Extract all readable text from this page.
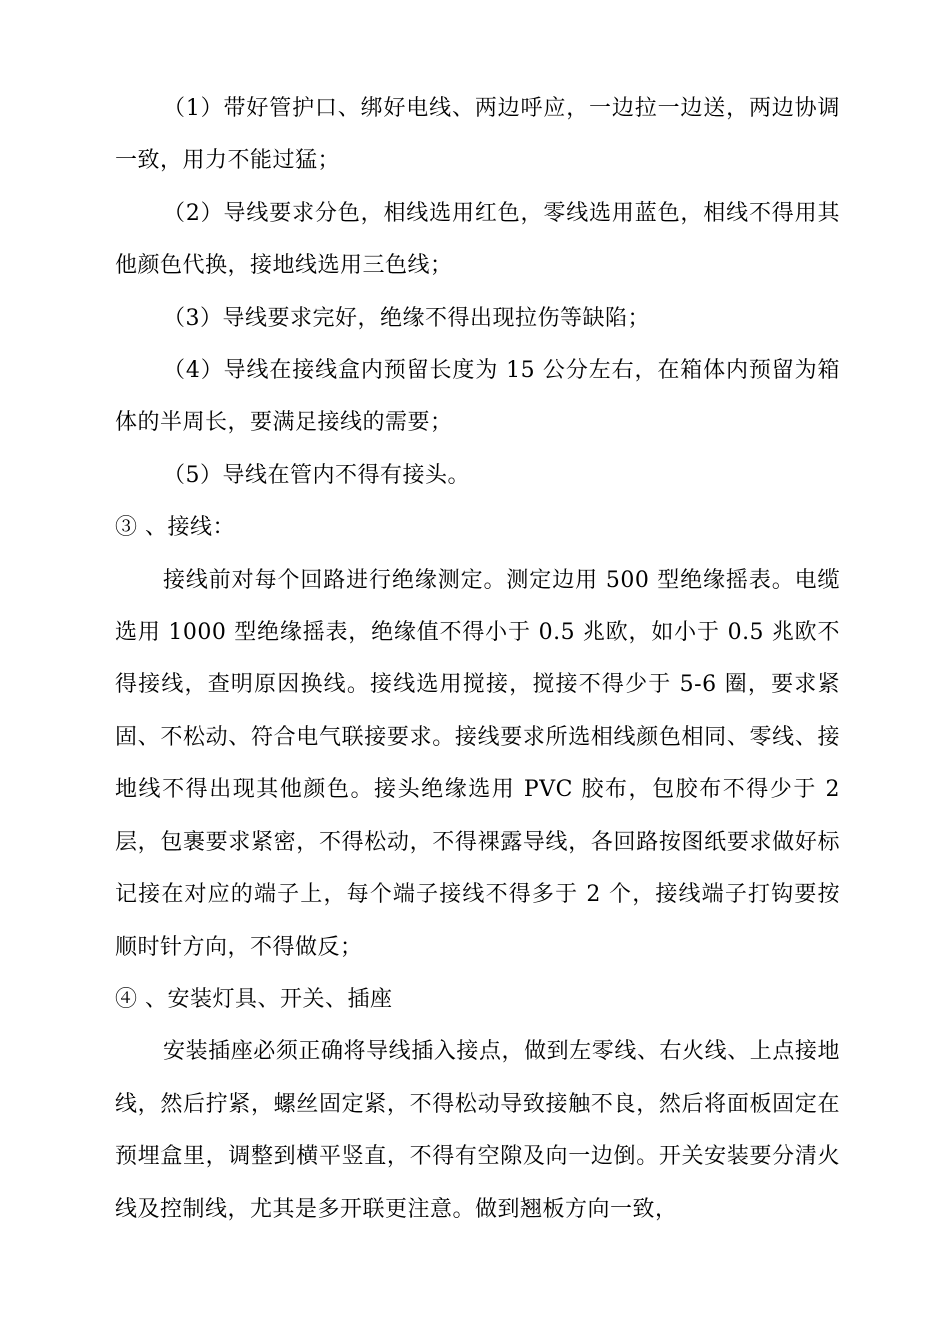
（1）带好管护口、绑好电线、两边呼应，一边拉一边送，两边协调一致，用力不能过猛；

（2）导线要求分色，相线选用红色，零线选用蓝色，相线不得用其他颜色代换，接地线选用三色线；

（3）导线要求完好，绝缘不得出现拉伤等缺陷；

（4）导线在接线盒内预留长度为 15 公分左右，在箱体内预留为箱体的半周长，要满足接线的需要；

（5）导线在管内不得有接头。

③ 、接线：

接线前对每个回路进行绝缘测定。测定边用 500 型绝缘摇表。电缆选用 1000 型绝缘摇表，绝缘值不得小于 0.5 兆欧，如小于 0.5 兆欧不得接线，查明原因换线。接线选用搅接，搅接不得少于 5-6 圈，要求紧固、不松动、符合电气联接要求。接线要求所选相线颜色相同、零线、接地线不得出现其他颜色。接头绝缘选用 PVC 胶布，包胶布不得少于 2 层，包裹要求紧密，不得松动，不得裸露导线，各回路按图纸要求做好标记接在对应的端子上，每个端子接线不得多于 2 个，接线端子打钩要按顺时针方向，不得做反；

④ 、安装灯具、开关、插座

安装插座必须正确将导线插入接点，做到左零线、右火线、上点接地线，然后拧紧，螺丝固定紧，不得松动导致接触不良，然后将面板固定在预埋盒里，调整到横平竖直，不得有空隙及向一边倒。开关安装要分清火线及控制线，尤其是多开联更注意。做到翘板方向一致，
